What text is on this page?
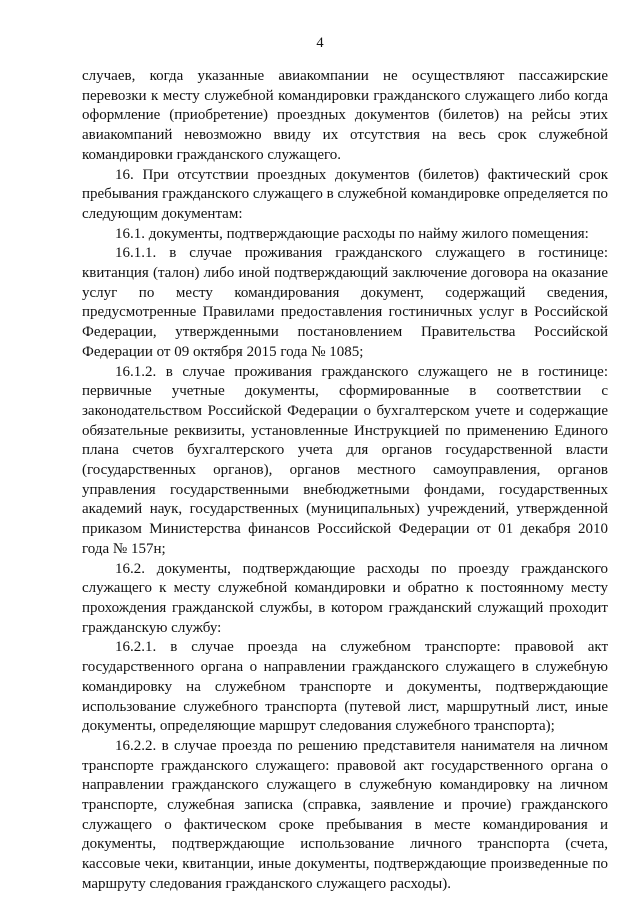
4

случаев, когда указанные авиакомпании не осуществляют пассажирские перевозки к месту служебной командировки гражданского служащего либо когда оформление (приобретение) проездных документов (билетов) на рейсы этих авиакомпаний невозможно ввиду их отсутствия на весь срок служебной командировки гражданского служащего.

16. При отсутствии проездных документов (билетов) фактический срок пребывания гражданского служащего в служебной командировке определяется по следующим документам:

16.1. документы, подтверждающие расходы по найму жилого помещения:

16.1.1. в случае проживания гражданского служащего в гостинице: квитанция (талон) либо иной подтверждающий заключение договора на оказание услуг по месту командирования документ, содержащий сведения, предусмотренные Правилами предоставления гостиничных услуг в Российской Федерации, утвержденными постановлением Правительства Российской Федерации от 09 октября 2015 года № 1085;

16.1.2. в случае проживания гражданского служащего не в гостинице: первичные учетные документы, сформированные в соответствии с законодательством Российской Федерации о бухгалтерском учете и содержащие обязательные реквизиты, установленные Инструкцией по применению Единого плана счетов бухгалтерского учета для органов государственной власти (государственных органов), органов местного самоуправления, органов управления государственными внебюджетными фондами, государственных академий наук, государственных (муниципальных) учреждений, утвержденной приказом Министерства финансов Российской Федерации от 01 декабря 2010 года № 157н;

16.2. документы, подтверждающие расходы по проезду гражданского служащего к месту служебной командировки и обратно к постоянному месту прохождения гражданской службы, в котором гражданский служащий проходит гражданскую службу:

16.2.1. в случае проезда на служебном транспорте: правовой акт государственного органа о направлении гражданского служащего в служебную командировку на служебном транспорте и документы, подтверждающие использование служебного транспорта (путевой лист, маршрутный лист, иные документы, определяющие маршрут следования служебного транспорта);

16.2.2. в случае проезда по решению представителя нанимателя на личном транспорте гражданского служащего: правовой акт государственного органа о направлении гражданского служащего в служебную командировку на личном транспорте, служебная записка (справка, заявление и прочие) гражданского служащего о фактическом сроке пребывания в месте командирования и документы, подтверждающие использование личного транспорта (счета, кассовые чеки, квитанции, иные документы, подтверждающие произведенные по маршруту следования гражданского служащего расходы).
